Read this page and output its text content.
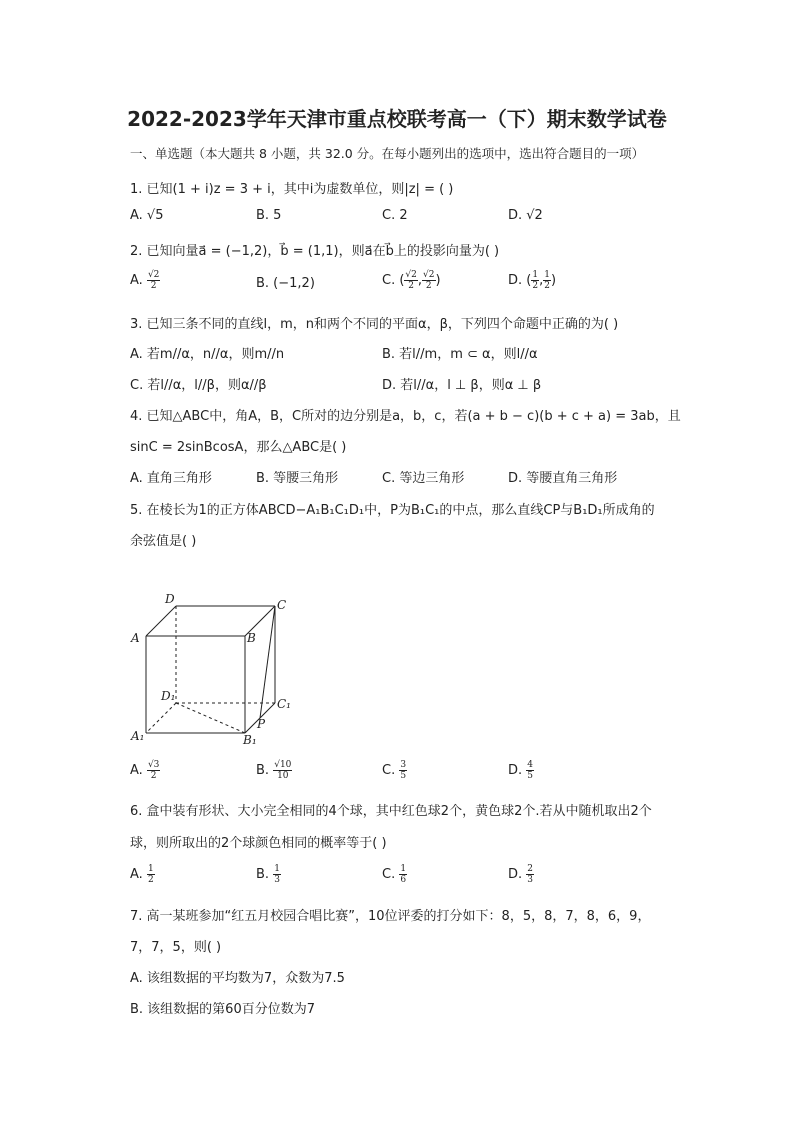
2022-2023学年天津市重点校联考高一（下）期末数学试卷
一、单选题（本大题共 8 小题，共 32.0 分。在每小题列出的选项中，选出符合题目的一项）
1. 已知(1 + i)z = 3 + i，其中i为虚数单位，则|z| = ( )
A. √5	B. 5	C. 2	D. √2
2. 已知向量a⃗ = (−1,2)，b⃗ = (1,1)，则a⃗在b⃗上的投影向量为( )
A. $\frac{√2}{2}$	B. (−1,2)	C. ( $\frac{√2}{2}$ , $\frac{√2}{2}$ )	D. ( $\frac{1}{2}$ , $\frac{1}{2}$ )
3. 已知三条不同的直线l，m，n和两个不同的平面α，β，下列四个命题中正确的为( )
A. 若m//α，n//α，则m//n	B. 若l//m，m ⊂ α，则l//α
C. 若l//α，l//β，则α//β	D. 若l//α，l ⊥ β，则α ⊥ β
4. 已知△ABC中，角A，B，C所对的边分别是a，b，c，若(a + b − c)(b + c + a) = 3ab，且
sinC = 2sinBcosA，那么△ABC是( )
A. 直角三角形	B. 等腰三角形	C. 等边三角形	D. 等腰直角三角形
5. 在棱长为1的正方体ABCD−A₁B₁C₁D₁中，P为B₁C₁的中点，那么直线CP与B₁D₁所成角的
余弦值是( )
D	C
A	B
D₁
C₁
P
A₁	B₁
A. $\frac{√3}{2}$	B. $\frac{√10}{10}$	C. $\frac{3}{5}$	D. $\frac{4}{5}$
6. 盒中装有形状、大小完全相同的4个球，其中红色球2个，黄色球2个.若从中随机取出2个
球，则所取出的2个球颜色相同的概率等于( )
A. $\frac{1}{2}$	B. $\frac{1}{3}$	C. $\frac{1}{6}$	D. $\frac{2}{3}$
7. 高一某班参加“红五月校园合唱比赛”，10位评委的打分如下：8，5，8，7，8，6，9，
7，7，5，则( )
A. 该组数据的平均数为7，众数为7.5
B. 该组数据的第60百分位数为7
